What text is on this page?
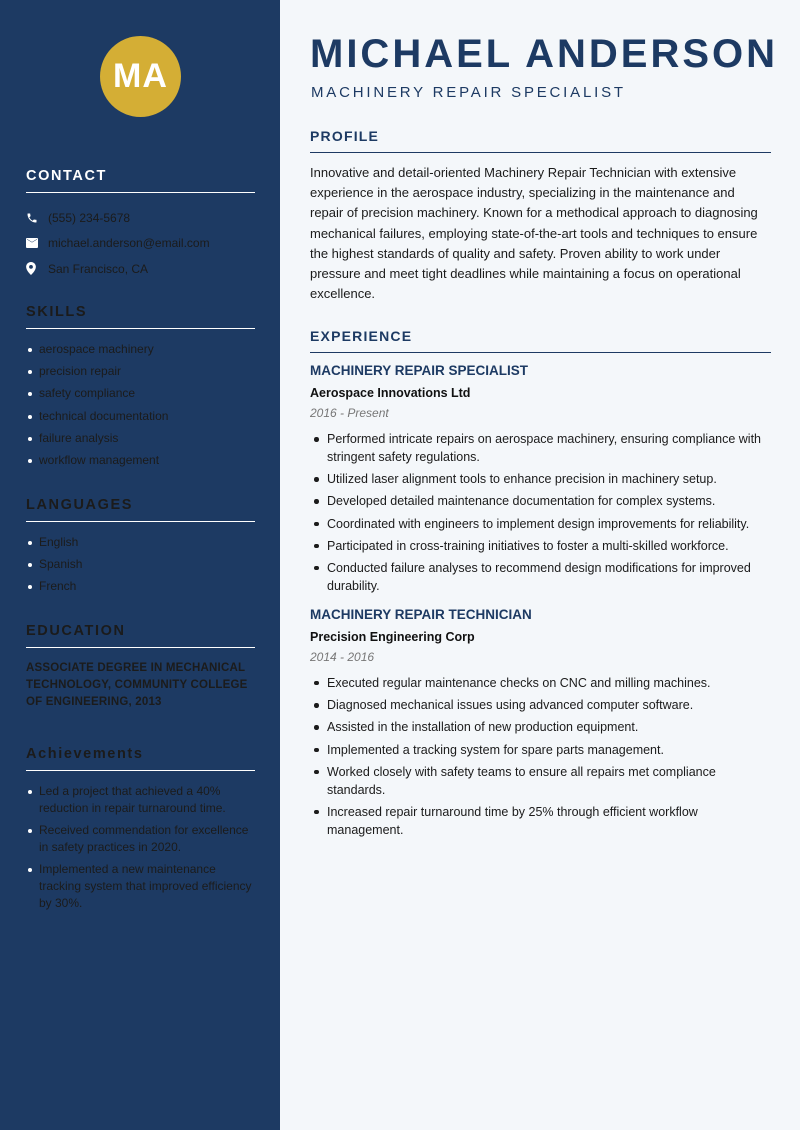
MA
CONTACT
(555) 234-5678
michael.anderson@email.com
San Francisco, CA
SKILLS
aerospace machinery
precision repair
safety compliance
technical documentation
failure analysis
workflow management
LANGUAGES
English
Spanish
French
EDUCATION
ASSOCIATE DEGREE IN MECHANICAL TECHNOLOGY, COMMUNITY COLLEGE OF ENGINEERING, 2013
Achievements
Led a project that achieved a 40% reduction in repair turnaround time.
Received commendation for excellence in safety practices in 2020.
Implemented a new maintenance tracking system that improved efficiency by 30%.
MICHAEL ANDERSON
MACHINERY REPAIR SPECIALIST
PROFILE

Innovative and detail-oriented Machinery Repair Technician with extensive experience in the aerospace industry, specializing in the maintenance and repair of precision machinery. Known for a methodical approach to diagnosing mechanical failures, employing state-of-the-art tools and techniques to ensure the highest standards of quality and safety. Proven ability to work under pressure and meet tight deadlines while maintaining a focus on operational excellence.

EXPERIENCE
MACHINERY REPAIR SPECIALIST
Aerospace Innovations Ltd
2016 - Present
Performed intricate repairs on aerospace machinery, ensuring compliance with stringent safety regulations.
Utilized laser alignment tools to enhance precision in machinery setup.
Developed detailed maintenance documentation for complex systems.
Coordinated with engineers to implement design improvements for reliability.
Participated in cross-training initiatives to foster a multi-skilled workforce.
Conducted failure analyses to recommend design modifications for improved durability.
MACHINERY REPAIR TECHNICIAN
Precision Engineering Corp
2014 - 2016
Executed regular maintenance checks on CNC and milling machines.
Diagnosed mechanical issues using advanced computer software.
Assisted in the installation of new production equipment.
Implemented a tracking system for spare parts management.
Worked closely with safety teams to ensure all repairs met compliance standards.
Increased repair turnaround time by 25% through efficient workflow management.
